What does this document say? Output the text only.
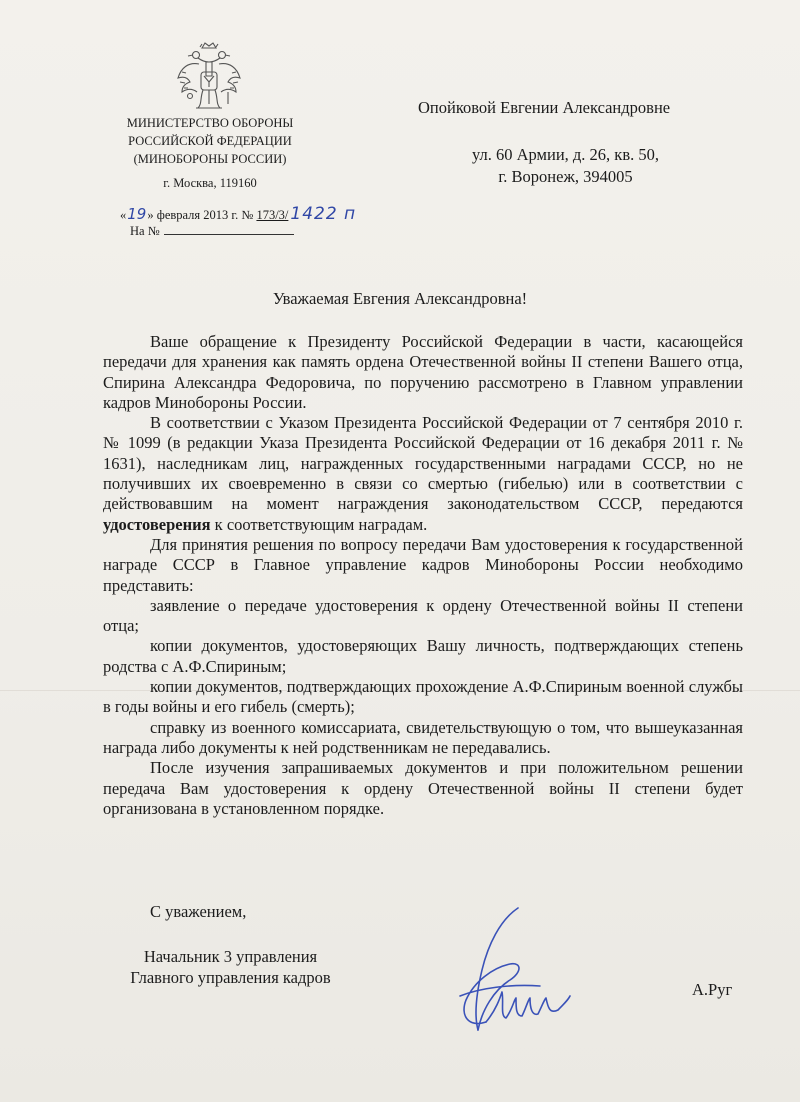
МИНИСТЕРСТВО ОБОРОНЫ
РОССИЙСКОЙ ФЕДЕРАЦИИ
(МИНОБОРОНЫ РОССИИ)
г. Москва, 119160
«19» февраля 2013 г. № 173/3/ 1422 п
На №
Опойковой Евгении Александровне
ул. 60 Армии, д. 26, кв. 50,
г. Воронеж, 394005
Уважаемая Евгения Александровна!

Ваше обращение к Президенту Российской Федерации в части, касающейся передачи для хранения как память ордена Отечественной войны II степени Вашего отца, Спирина Александра Федоровича, по поручению рассмотрено в Главном управлении кадров Минобороны России.

В соответствии с Указом Президента Российской Федерации от 7 сентября 2010 г. № 1099 (в редакции Указа Президента Российской Федерации от 16 декабря 2011 г. № 1631), наследникам лиц, награжденных государственными наградами СССР, но не получивших их своевременно в связи со смертью (гибелью) или в соответствии с действовавшим на момент награждения законодательством СССР, передаются удостоверения к соответствующим наградам.

Для принятия решения по вопросу передачи Вам удостоверения к государственной награде СССР в Главное управление кадров Минобороны России необходимо представить:

заявление о передаче удостоверения к ордену Отечественной войны II степени отца;

копии документов, удостоверяющих Вашу личность, подтверждающих степень родства с А.Ф.Спириным;

копии документов, подтверждающих прохождение А.Ф.Спириным военной службы в годы войны и его гибель (смерть);

справку из военного комиссариата, свидетельствующую о том, что вышеуказанная награда либо документы к ней родственникам не передавались.

После изучения запрашиваемых документов и при положительном решении передача Вам удостоверения к ордену Отечественной войны II степени будет организована в установленном порядке.

С уважением,
Начальник 3 управления
Главного управления кадров
А.Руг
